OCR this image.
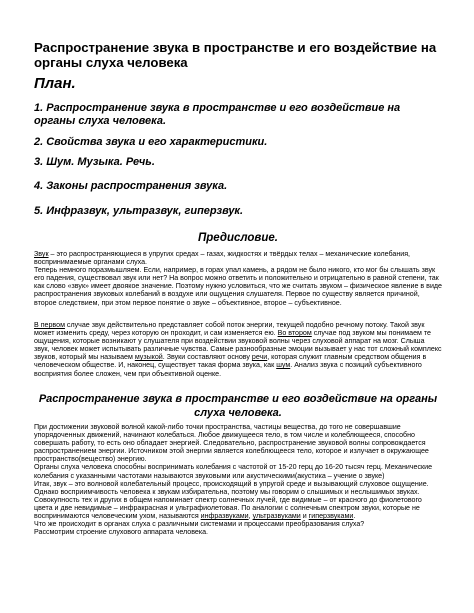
Распространение звука в пространстве и его воздействие на органы слуха человека
План.
1. Распространение звука в пространстве и его воздействие на органы слуха человека.
2. Свойства звука и его характеристики.
3. Шум. Музыка. Речь.
4. Законы распространения звука.
5. Инфразвук, ультразвук, гиперзвук.
Предисловие.
Звук – это распространяющиеся в упругих средах – газах, жидкостях и твёрдых телах – механические колебания, воспринимаемые органами слуха.
Теперь немного поразмышляем. Если, например, в горах упал камень, а рядом не было никого, кто мог бы слышать звук его падения, существовал звук или нет? На вопрос можно ответить и положительно и отрицательно в равной степени, так как слово «звук» имеет двоякое значение. Поэтому нужно условиться, что же считать звуком – физическое явление в виде распространения звуковых колебаний в воздухе или ощущения слушателя. Первое по существу является причиной, второе следствием, при этом первое понятие о звуке – объективное, второе – субъективное.
В первом случае звук действительно представляет собой поток энергии, текущей подобно речному потоку. Такой звук может изменить среду, через которую он проходит, и сам изменяется ею. Во втором случае под звуком мы понимаем те ощущения, которые возникают у слушателя при воздействии звуковой волны через слуховой аппарат на мозг. Слыша звук, человек может испытывать различные чувства. Самые разнообразные эмоции вызывает у нас тот сложный комплекс звуков, который мы называем музыкой. Звуки составляют основу речи, которая служит главным средством общения в человеческом обществе. И, наконец, существует такая форма звука, как шум. Анализ звука с позиций субъективного восприятия более сложен, чем при объективной оценке.
Распространение звука в пространстве и его воздействие на органы слуха человека.
При достижении звуковой волной какой-либо точки пространства, частицы вещества, до того не совершавшие упорядоченных движений, начинают колебаться. Любое движущееся тело, в том числе и колеблющееся, способно совершать работу, то есть оно обладает энергией. Следовательно, распространение звуковой волны сопровождается распространением энергии. Источником этой энергии является колеблющееся тело, которое и излучает в окружающее пространство(вещество) энергию.
Органы слуха человека способны воспринимать колебания с частотой от 15-20 герц до 16-20 тысяч герц. Механические колебания с указанными частотами называются звуковыми или акустическими(акустика – учение о звуке)
Итак, звук – это волновой колебательный процесс, происходящий в упругой среде и вызывающий слуховое ощущение. Однако восприимчивость человека к звукам избирательна, поэтому мы говорим о слышимых и неслышимых звуках. Совокупность тех и других в общем напоминает спектр солнечных лучей, где видимые – от красного до фиолетового цвета и две невидимые – инфракрасная и ультрафиолетовая. По аналогии с солнечным спектром звуки, которые не воспринимаются человеческим ухом, называются инфразвуками, ультразвуками и гиперзвуками.
Что же происходит в органах слуха с различными системами и процессами преобразования слуха?
Рассмотрим строение слухового аппарата человека.
